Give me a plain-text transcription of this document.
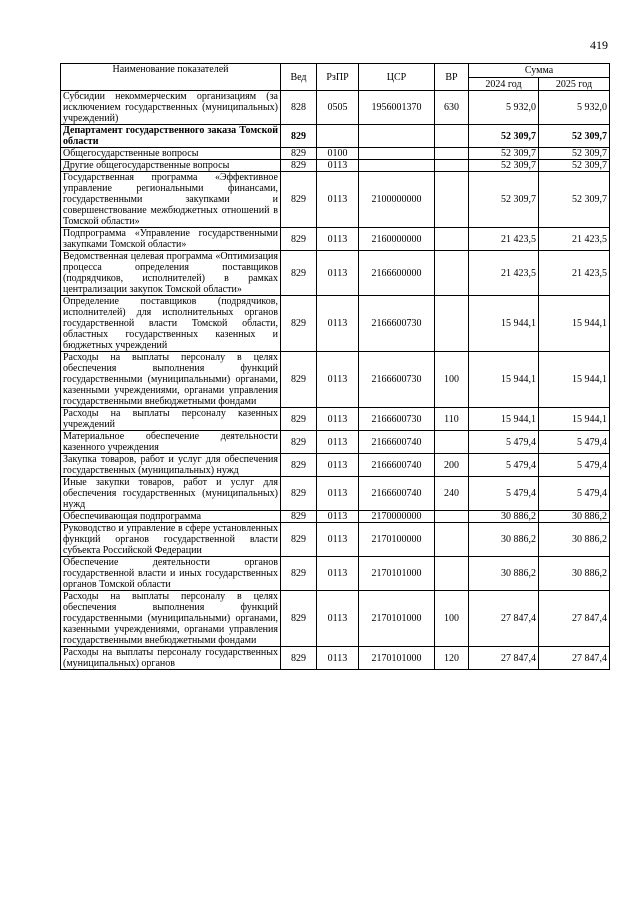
419
Наименование показателей	Вед	РзПР	ЦСР	ВР	Сумма	
					2024 год	2025 год
Субсидии некоммерческим организациям (за исключением государственных (муниципальных) учреждений)	828	0505	1956001370	630	5 932,0	5 932,0
Департамент государственного заказа Томской области	829				52 309,7	52 309,7
Общегосударственные вопросы	829	0100			52 309,7	52 309,7
Другие общегосударственные вопросы	829	0113			52 309,7	52 309,7
Государственная программа «Эффективное управление региональными финансами, государственными закупками и совершенствование межбюджетных отношений в Томской области»	829	0113	2100000000		52 309,7	52 309,7
Подпрограмма «Управление государственными закупками Томской области»	829	0113	2160000000		21 423,5	21 423,5
Ведомственная целевая программа «Оптимизация процесса определения поставщиков (подрядчиков, исполнителей) в рамках централизации закупок Томской области»	829	0113	2166600000		21 423,5	21 423,5
Определение поставщиков (подрядчиков, исполнителей) для исполнительных органов государственной власти Томской области, областных государственных казенных и бюджетных учреждений	829	0113	2166600730		15 944,1	15 944,1
Расходы на выплаты персоналу в целях обеспечения выполнения функций государственными (муниципальными) органами, казенными учреждениями, органами управления государственными внебюджетными фондами	829	0113	2166600730	100	15 944,1	15 944,1
Расходы на выплаты персоналу казенных учреждений	829	0113	2166600730	110	15 944,1	15 944,1
Материальное обеспечение деятельности казенного учреждения	829	0113	2166600740		5 479,4	5 479,4
Закупка товаров, работ и услуг для обеспечения государственных (муниципальных) нужд	829	0113	2166600740	200	5 479,4	5 479,4
Иные закупки товаров, работ и услуг для обеспечения государственных (муниципальных) нужд	829	0113	2166600740	240	5 479,4	5 479,4
Обеспечивающая подпрограмма	829	0113	2170000000		30 886,2	30 886,2
Руководство и управление в сфере установленных функций органов государственной власти субъекта Российской Федерации	829	0113	2170100000		30 886,2	30 886,2
Обеспечение деятельности органов государственной власти и иных государственных органов Томской области	829	0113	2170101000		30 886,2	30 886,2
Расходы на выплаты персоналу в целях обеспечения выполнения функций государственными (муниципальными) органами, казенными учреждениями, органами управления государственными внебюджетными фондами	829	0113	2170101000	100	27 847,4	27 847,4
Расходы на выплаты персоналу государственных (муниципальных) органов	829	0113	2170101000	120	27 847,4	27 847,4
